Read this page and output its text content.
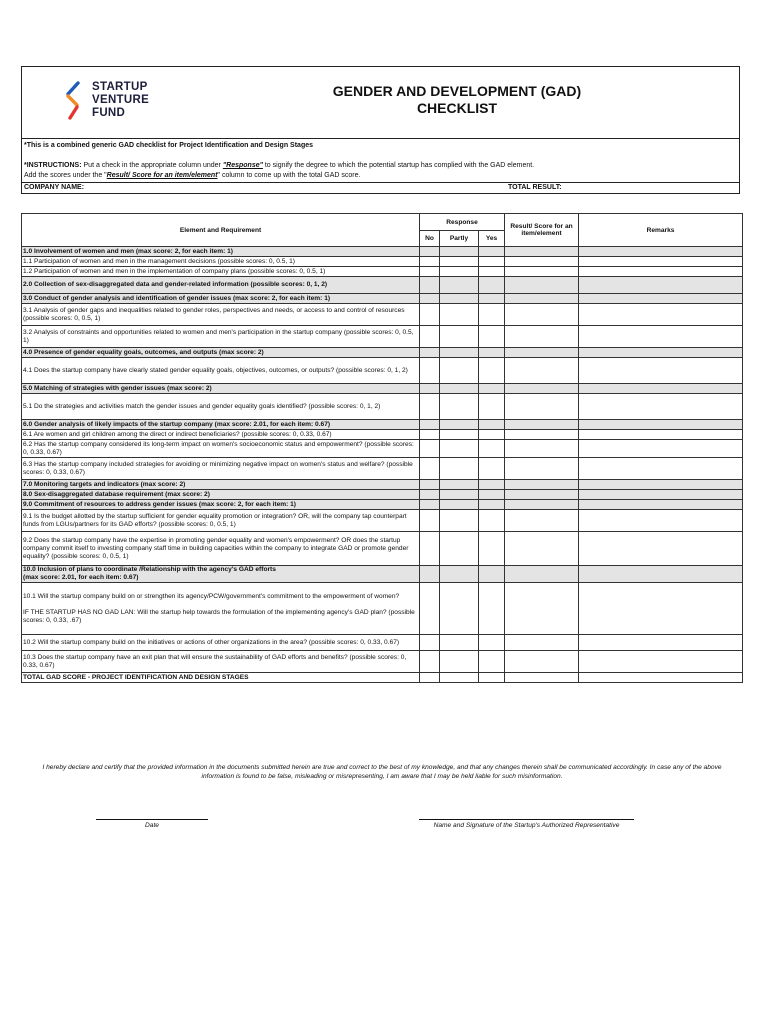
STARTUP
VENTURE
FUND
GENDER AND DEVELOPMENT (GAD)
CHECKLIST
*This is a combined generic GAD checklist for Project Identification and Design Stages
*INSTRUCTIONS: Put a check in the appropriate column under "Response" to signify the degree to which the potential startup has complied with the GAD element.
Add the scores under the "Result/ Score for an item/element" column to come up with the total GAD score.
COMPANY NAME:	TOTAL RESULT:
Element and Requirement	Response			Result/ Score for an item/element	Remarks
	No	Partly	Yes		
1.0 Involvement of women and men (max score: 2, for each item: 1)					
1.1 Participation of women and men in the management decisions (possible scores: 0, 0.5, 1)					
1.2 Participation of women and men in the implementation of company plans (possible scores: 0, 0.5, 1)					
2.0 Collection of sex-disaggregated data and gender-related information (possible scores: 0, 1, 2)					
3.0 Conduct of gender analysis and identification of gender issues (max score: 2, for each item: 1)					
3.1 Analysis of gender gaps and inequalities related to gender roles, perspectives and needs, or access to and control of resources (possible scores: 0, 0.5, 1)					
3.2 Analysis of constraints and opportunities related to women and men's participation in the startup company (possible scores: 0, 0.5, 1)					
4.0 Presence of gender equality goals, outcomes, and outputs (max score: 2)					
4.1 Does the startup company have clearly stated gender equality goals, objectives, outcomes, or outputs? (possible scores: 0, 1, 2)					
5.0 Matching of strategies with gender issues (max score: 2)					
5.1 Do the strategies and activities match the gender issues and gender equality goals identified? (possible scores: 0, 1, 2)					
6.0 Gender analysis of likely impacts of the startup company (max score: 2.01, for each item: 0.67)					
6.1 Are women and girl children among the direct or indirect beneficiaries? (possible scores: 0, 0.33, 0.67)					
6.2 Has the startup company considered its long-term impact on women's socioeconomic status and empowerment? (possible scores: 0, 0.33, 0.67)					
6.3 Has the startup company included strategies for avoiding or minimizing negative impact on women's status and welfare? (possible scores: 0, 0.33, 0.67)					
7.0 Monitoring targets and indicators (max score: 2)					
8.0 Sex-disaggregated database requirement (max score: 2)					
9.0 Commitment of resources to address gender issues (max score: 2, for each item: 1)					
9.1 Is the budget allotted by the startup sufficient for gender equality promotion or integration? OR, will the company tap counterpart funds from LGUs/partners for its GAD efforts? (possible scores: 0, 0.5, 1)					
9.2 Does the startup company have the expertise in promoting gender equality and women's empowerment? OR does the startup company commit itself to investing company staff time in building capacities within the company to integrate GAD or promote gender equality? (possible scores: 0, 0.5, 1)					
10.0 Inclusion of plans to coordinate /Relationship with the agency's GAD efforts
(max score: 2.01, for each item: 0.67)					
10.1 Will the startup company build on or strengthen its agency/PCW/government's commitment to the empowerment of women?

IF THE STARTUP HAS NO GAD LAN: Will the startup help towards the formulation of the implementing agency's GAD plan? (possible scores: 0, 0.33, .67)					
10.2 Will the startup company build on the initiatives or actions of other organizations in the area? (possible scores: 0, 0.33, 0.67)					
10.3 Does the startup company have an exit plan that will ensure the sustainability of GAD efforts and benefits? (possible scores: 0, 0.33, 0.67)					
TOTAL GAD SCORE - PROJECT IDENTIFICATION AND DESIGN STAGES					
I hereby declare and certify that the provided information in the documents submitted herein are true and correct to the best of my knowledge, and that any changes therein shall be communicated accordingly. In case any of the above information is found to be false, misleading or misrepresenting, I am aware that I may be held liable for such misinformation.
Date	Name and Signature of the Startup's Authorized Representative
